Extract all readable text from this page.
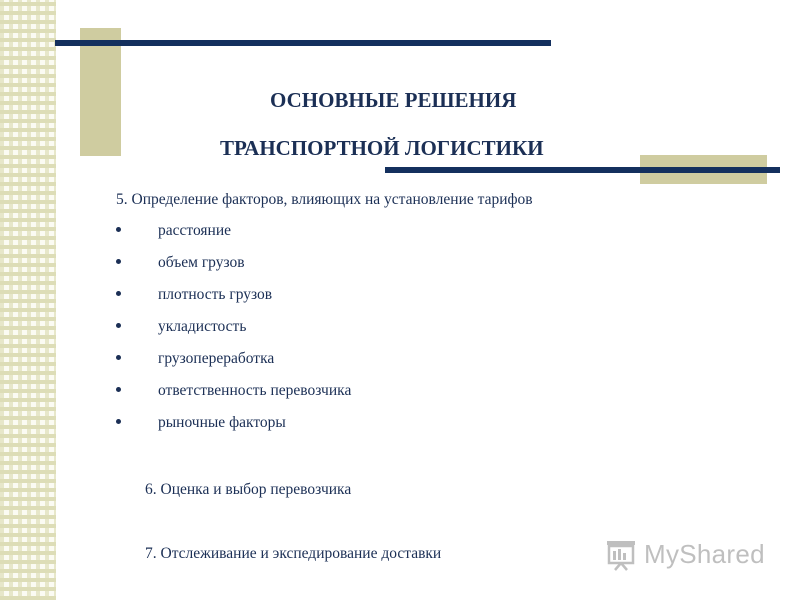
ОСНОВНЫЕ РЕШЕНИЯ
ТРАНСПОРТНОЙ ЛОГИСТИКИ
5. Определение факторов, влияющих на установление тарифов
расстояние
объем грузов
плотность грузов
укладистость
грузопереработка
ответственность перевозчика
рыночные факторы
6. Оценка и выбор перевозчика
7. Отслеживание и экспедирование доставки	MyShared
